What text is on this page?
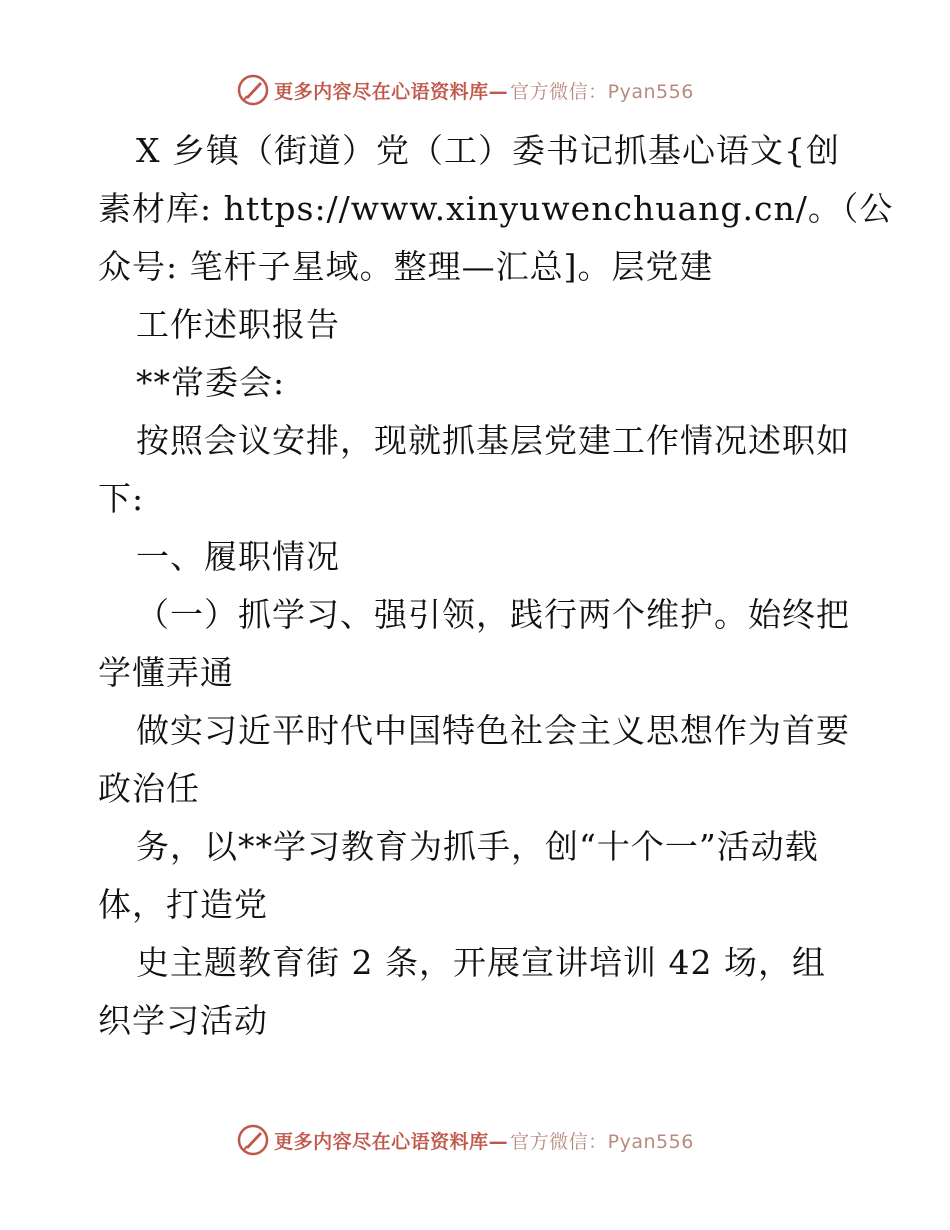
更多内容尽在心语资料库— 官方微信：Pyan556
X 乡镇（街道）党（工）委书记抓基心语文{创
素材库: https://www.xinyuwenchuang.cn/。（公
众号: 笔杆子星域。整理—汇总]。层党建
工作述职报告
**常委会:
按照会议安排，现就抓基层党建工作情况述职如
下:
一、履职情况
（一）抓学习、强引领，践行两个维护。始终把
学懂弄通
做实习近平时代中国特色社会主义思想作为首要
政治任
务，以**学习教育为抓手，创“十个一”活动载
体，打造党
史主题教育街 2 条，开展宣讲培训 42 场，组
织学习活动
更多内容尽在心语资料库— 官方微信：Pyan556
